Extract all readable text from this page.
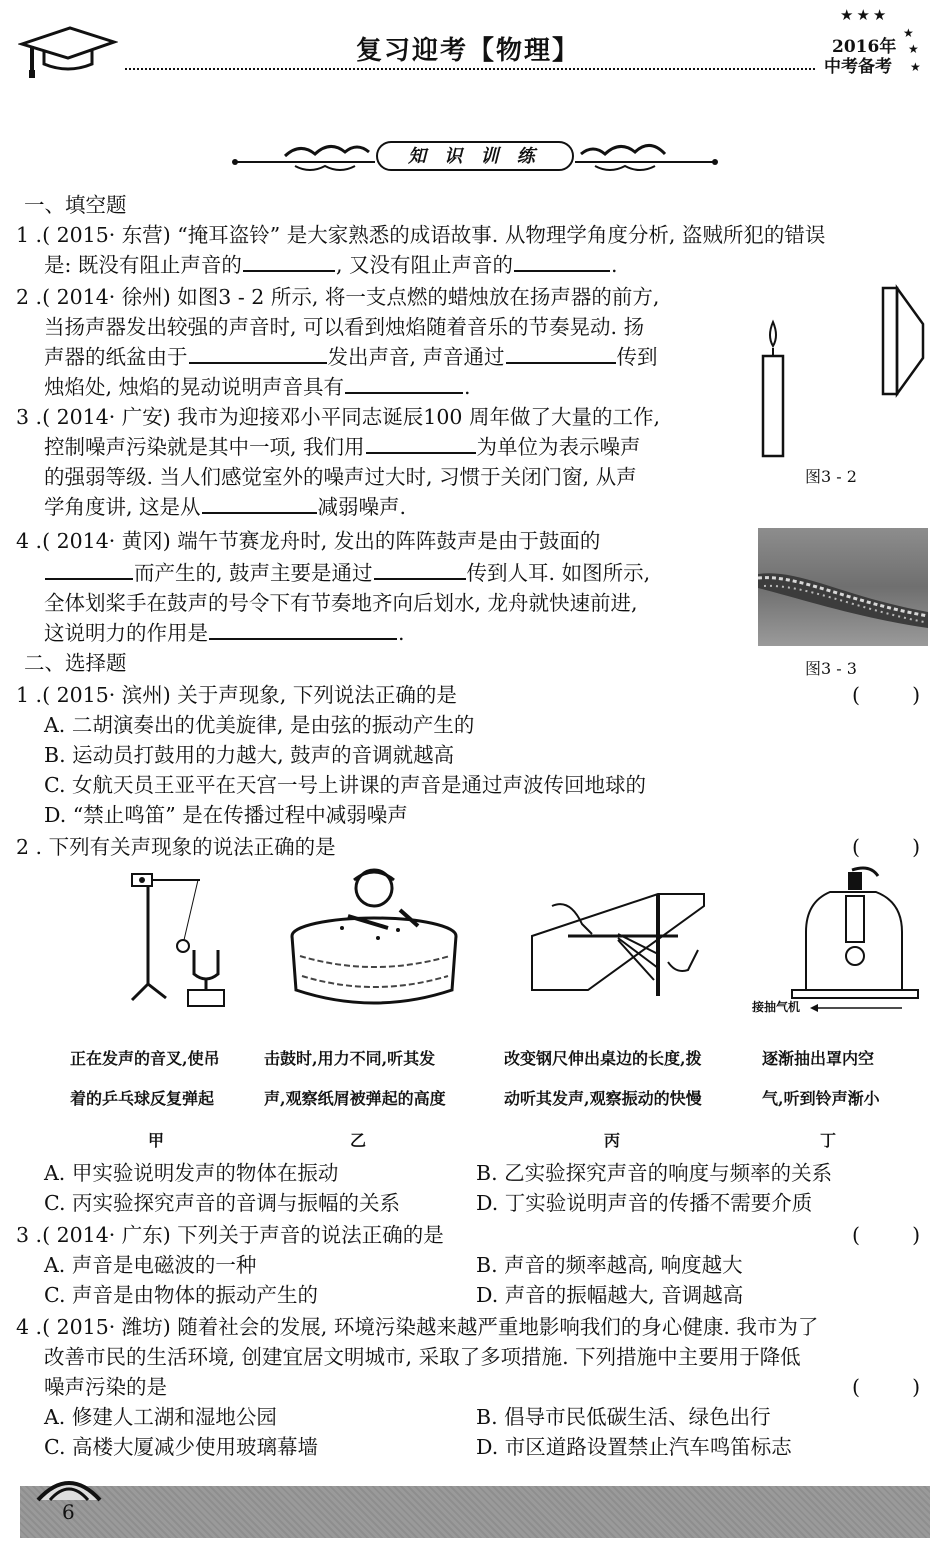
复习迎考【物理】
★★★
★
★
★
2016年
中考备考
知 识 训 练
一、填空题
1 .( 2015· 东营) “掩耳盗铃” 是大家熟悉的成语故事. 从物理学角度分析, 盗贼所犯的错误
是: 既没有阻止声音的	, 又没有阻止声音的	.
2 .( 2014· 徐州) 如图3 - 2 所示, 将一支点燃的蜡烛放在扬声器的前方,
当扬声器发出较强的声音时, 可以看到烛焰随着音乐的节奏晃动. 扬
声器的纸盆由于	发出声音, 声音通过	传到
烛焰处, 烛焰的晃动说明声音具有	.
3 .( 2014· 广安) 我市为迎接邓小平同志诞辰100 周年做了大量的工作,
控制噪声污染就是其中一项, 我们用	为单位为表示噪声
的强弱等级. 当人们感觉室外的噪声过大时, 习惯于关闭门窗, 从声
学角度讲, 这是从	减弱噪声.
图3 - 2
4 .( 2014· 黄冈) 端午节赛龙舟时, 发出的阵阵鼓声是由于鼓面的
而产生的, 鼓声主要是通过	传到人耳. 如图所示,
全体划桨手在鼓声的号令下有节奏地齐向后划水, 龙舟就快速前进,
这说明力的作用是	.
图3 - 3
二、选择题
1 .( 2015· 滨州) 关于声现象, 下列说法正确的是	(        )
A. 二胡演奏出的优美旋律, 是由弦的振动产生的
B. 运动员打鼓用的力越大, 鼓声的音调就越高
C. 女航天员王亚平在天宫一号上讲课的声音是通过声波传回地球的
D. “禁止鸣笛” 是在传播过程中减弱噪声
2 . 下列有关声现象的说法正确的是	(        )
接抽气机
正在发声的音叉,使吊
着的乒乓球反复弹起
甲
击鼓时,用力不同,听其发
声,观察纸屑被弹起的高度
乙
改变钢尺伸出桌边的长度,拨
动听其发声,观察振动的快慢
丙
逐渐抽出罩内空
气,听到铃声渐小
丁
A. 甲实验说明发声的物体在振动	B. 乙实验探究声音的响度与频率的关系
C. 丙实验探究声音的音调与振幅的关系	D. 丁实验说明声音的传播不需要介质
3 .( 2014· 广东) 下列关于声音的说法正确的是	(        )
A. 声音是电磁波的一种	B. 声音的频率越高, 响度越大
C. 声音是由物体的振动产生的	D. 声音的振幅越大, 音调越高
4 .( 2015· 潍坊) 随着社会的发展, 环境污染越来越严重地影响我们的身心健康. 我市为了
改善市民的生活环境, 创建宜居文明城市, 采取了多项措施. 下列措施中主要用于降低
噪声污染的是	(        )
A. 修建人工湖和湿地公园	B. 倡导市民低碳生活、绿色出行
C. 高楼大厦减少使用玻璃幕墙	D. 市区道路设置禁止汽车鸣笛标志
6
